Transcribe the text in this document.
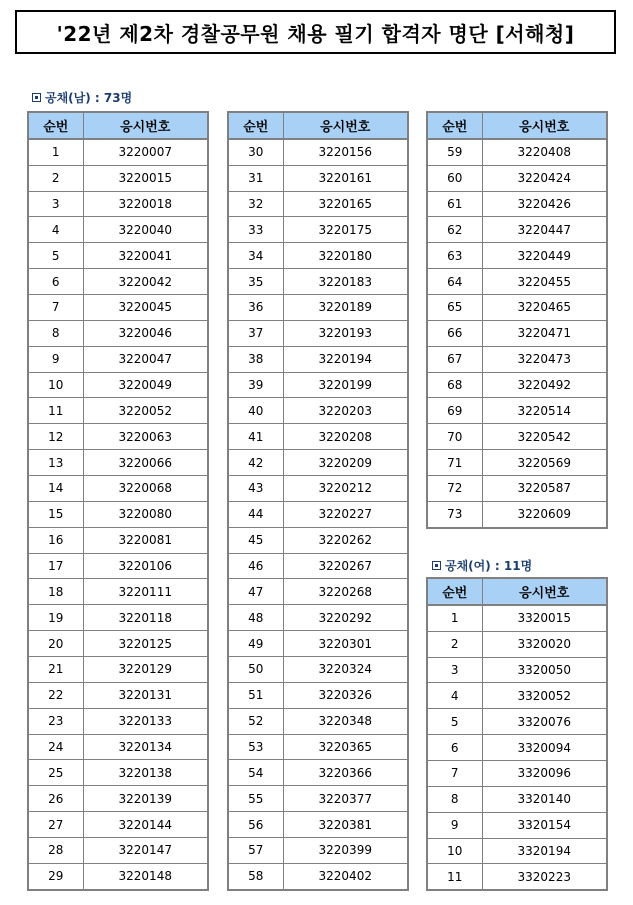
'22년 제2차 경찰공무원 채용 필기 합격자 명단 [서해청]
공채(남) : 73명
순번	응시번호
1	3220007
2	3220015
3	3220018
4	3220040
5	3220041
6	3220042
7	3220045
8	3220046
9	3220047
10	3220049
11	3220052
12	3220063
13	3220066
14	3220068
15	3220080
16	3220081
17	3220106
18	3220111
19	3220118
20	3220125
21	3220129
22	3220131
23	3220133
24	3220134
25	3220138
26	3220139
27	3220144
28	3220147
29	3220148
순번	응시번호
30	3220156
31	3220161
32	3220165
33	3220175
34	3220180
35	3220183
36	3220189
37	3220193
38	3220194
39	3220199
40	3220203
41	3220208
42	3220209
43	3220212
44	3220227
45	3220262
46	3220267
47	3220268
48	3220292
49	3220301
50	3220324
51	3220326
52	3220348
53	3220365
54	3220366
55	3220377
56	3220381
57	3220399
58	3220402
순번	응시번호
59	3220408
60	3220424
61	3220426
62	3220447
63	3220449
64	3220455
65	3220465
66	3220471
67	3220473
68	3220492
69	3220514
70	3220542
71	3220569
72	3220587
73	3220609
공채(여) : 11명
순번	응시번호
1	3320015
2	3320020
3	3320050
4	3320052
5	3320076
6	3320094
7	3320096
8	3320140
9	3320154
10	3320194
11	3320223
